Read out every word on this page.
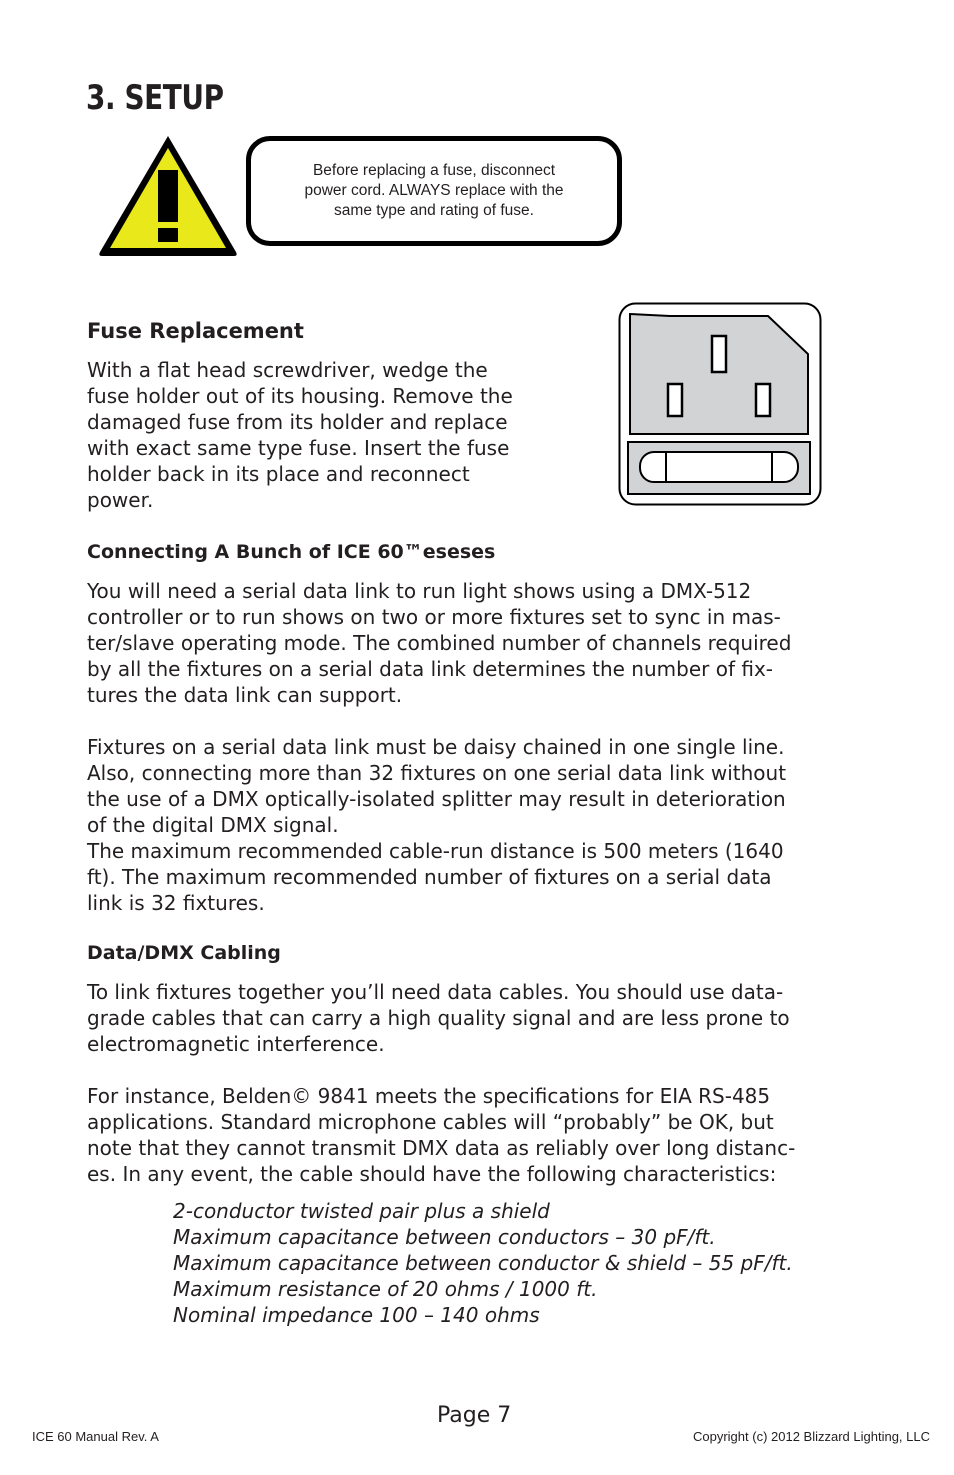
3. SETUP
Before replacing a fuse, disconnect
power cord. ALWAYS replace with the
same type and rating of fuse.
Fuse Replacement

With a flat head screwdriver, wedge the
fuse holder out of its housing. Remove the
damaged fuse from its holder and replace
with exact same type fuse. Insert the fuse
holder back in its place and reconnect
power.

Connecting A Bunch of ICE 60™eseses

You will need a serial data link to run light shows using a DMX-512
controller or to run shows on two or more fixtures set to sync in mas-
ter/slave operating mode. The combined number of channels required
by all the fixtures on a serial data link determines the number of fix-
tures the data link can support.

Fixtures on a serial data link must be daisy chained in one single line.
Also, connecting more than 32 fixtures on one serial data link without
the use of a DMX optically-isolated splitter may result in deterioration
of the digital DMX signal.
The maximum recommended cable-run distance is 500 meters (1640
ft). The maximum recommended number of fixtures on a serial data
link is 32 fixtures.

Data/DMX Cabling

To link fixtures together you’ll need data cables. You should use data-
grade cables that can carry a high quality signal and are less prone to
electromagnetic interference.

For instance, Belden© 9841 meets the specifications for EIA RS-485
applications. Standard microphone cables will “probably” be OK, but
note that they cannot transmit DMX data as reliably over long distanc-
es. In any event, the cable should have the following characteristics:

2-conductor twisted pair plus a shield
Maximum capacitance between conductors – 30 pF/ft.
Maximum capacitance between conductor & shield – 55 pF/ft.
Maximum resistance of 20 ohms / 1000 ft.
Nominal impedance 100 – 140 ohms
Page 7
ICE 60 Manual Rev. A	Copyright (c) 2012 Blizzard Lighting, LLC
